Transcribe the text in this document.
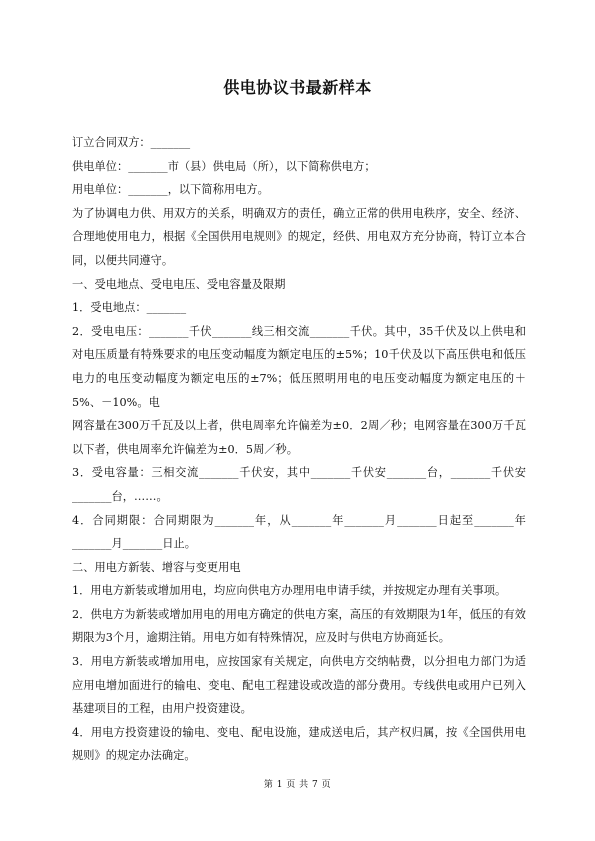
供电协议书最新样本

订立合同双方：_______

供电单位：_______市（县）供电局（所），以下简称供电方；

用电单位：_______，以下简称用电方。

为了协调电力供、用双方的关系，明确双方的责任，确立正常的供用电秩序，安全、经济、合理地使用电力，根据《全国供用电规则》的规定，经供、用电双方充分协商，特订立本合同，以便共同遵守。

一、受电地点、受电电压、受电容量及限期

1．受电地点：_______

2．受电电压：_______千伏_______线三相交流_______千伏。其中，35千伏及以上供电和对电压质量有特殊要求的电压变动幅度为额定电压的±5%；10千伏及以下高压供电和低压电力的电压变动幅度为额定电压的±7%；低压照明用电的电压变动幅度为额定电压的＋5%、－10%。电

网容量在300万千瓦及以上者，供电周率允许偏差为±0．2周／秒；电网容量在300万千瓦以下者，供电周率允许偏差为±0．5周／秒。

3．受电容量：三相交流_______千伏安，其中_______千伏安_______台，_______千伏安_______台，……。

4．合同期限：合同期限为_______年，从_______年_______月_______日起至_______年_______月_______日止。

二、用电方新装、增容与变更用电

1．用电方新装或增加用电，均应向供电方办理用电申请手续，并按规定办理有关事项。

2．供电方为新装或增加用电的用电方确定的供电方案，高压的有效期限为1年，低压的有效期限为3个月，逾期注销。用电方如有特殊情况，应及时与供电方协商延长。

3．用电方新装或增加用电，应按国家有关规定，向供电方交纳帖费，以分担电力部门为适应用电增加面进行的输电、变电、配电工程建设或改造的部分费用。专线供电或用户已列入基建项目的工程，由用户投资建设。

4．用电方投资建设的输电、变电、配电设施，建成送电后，其产权归属，按《全国供用电规则》的规定办法确定。

第 1 页 共 7 页
